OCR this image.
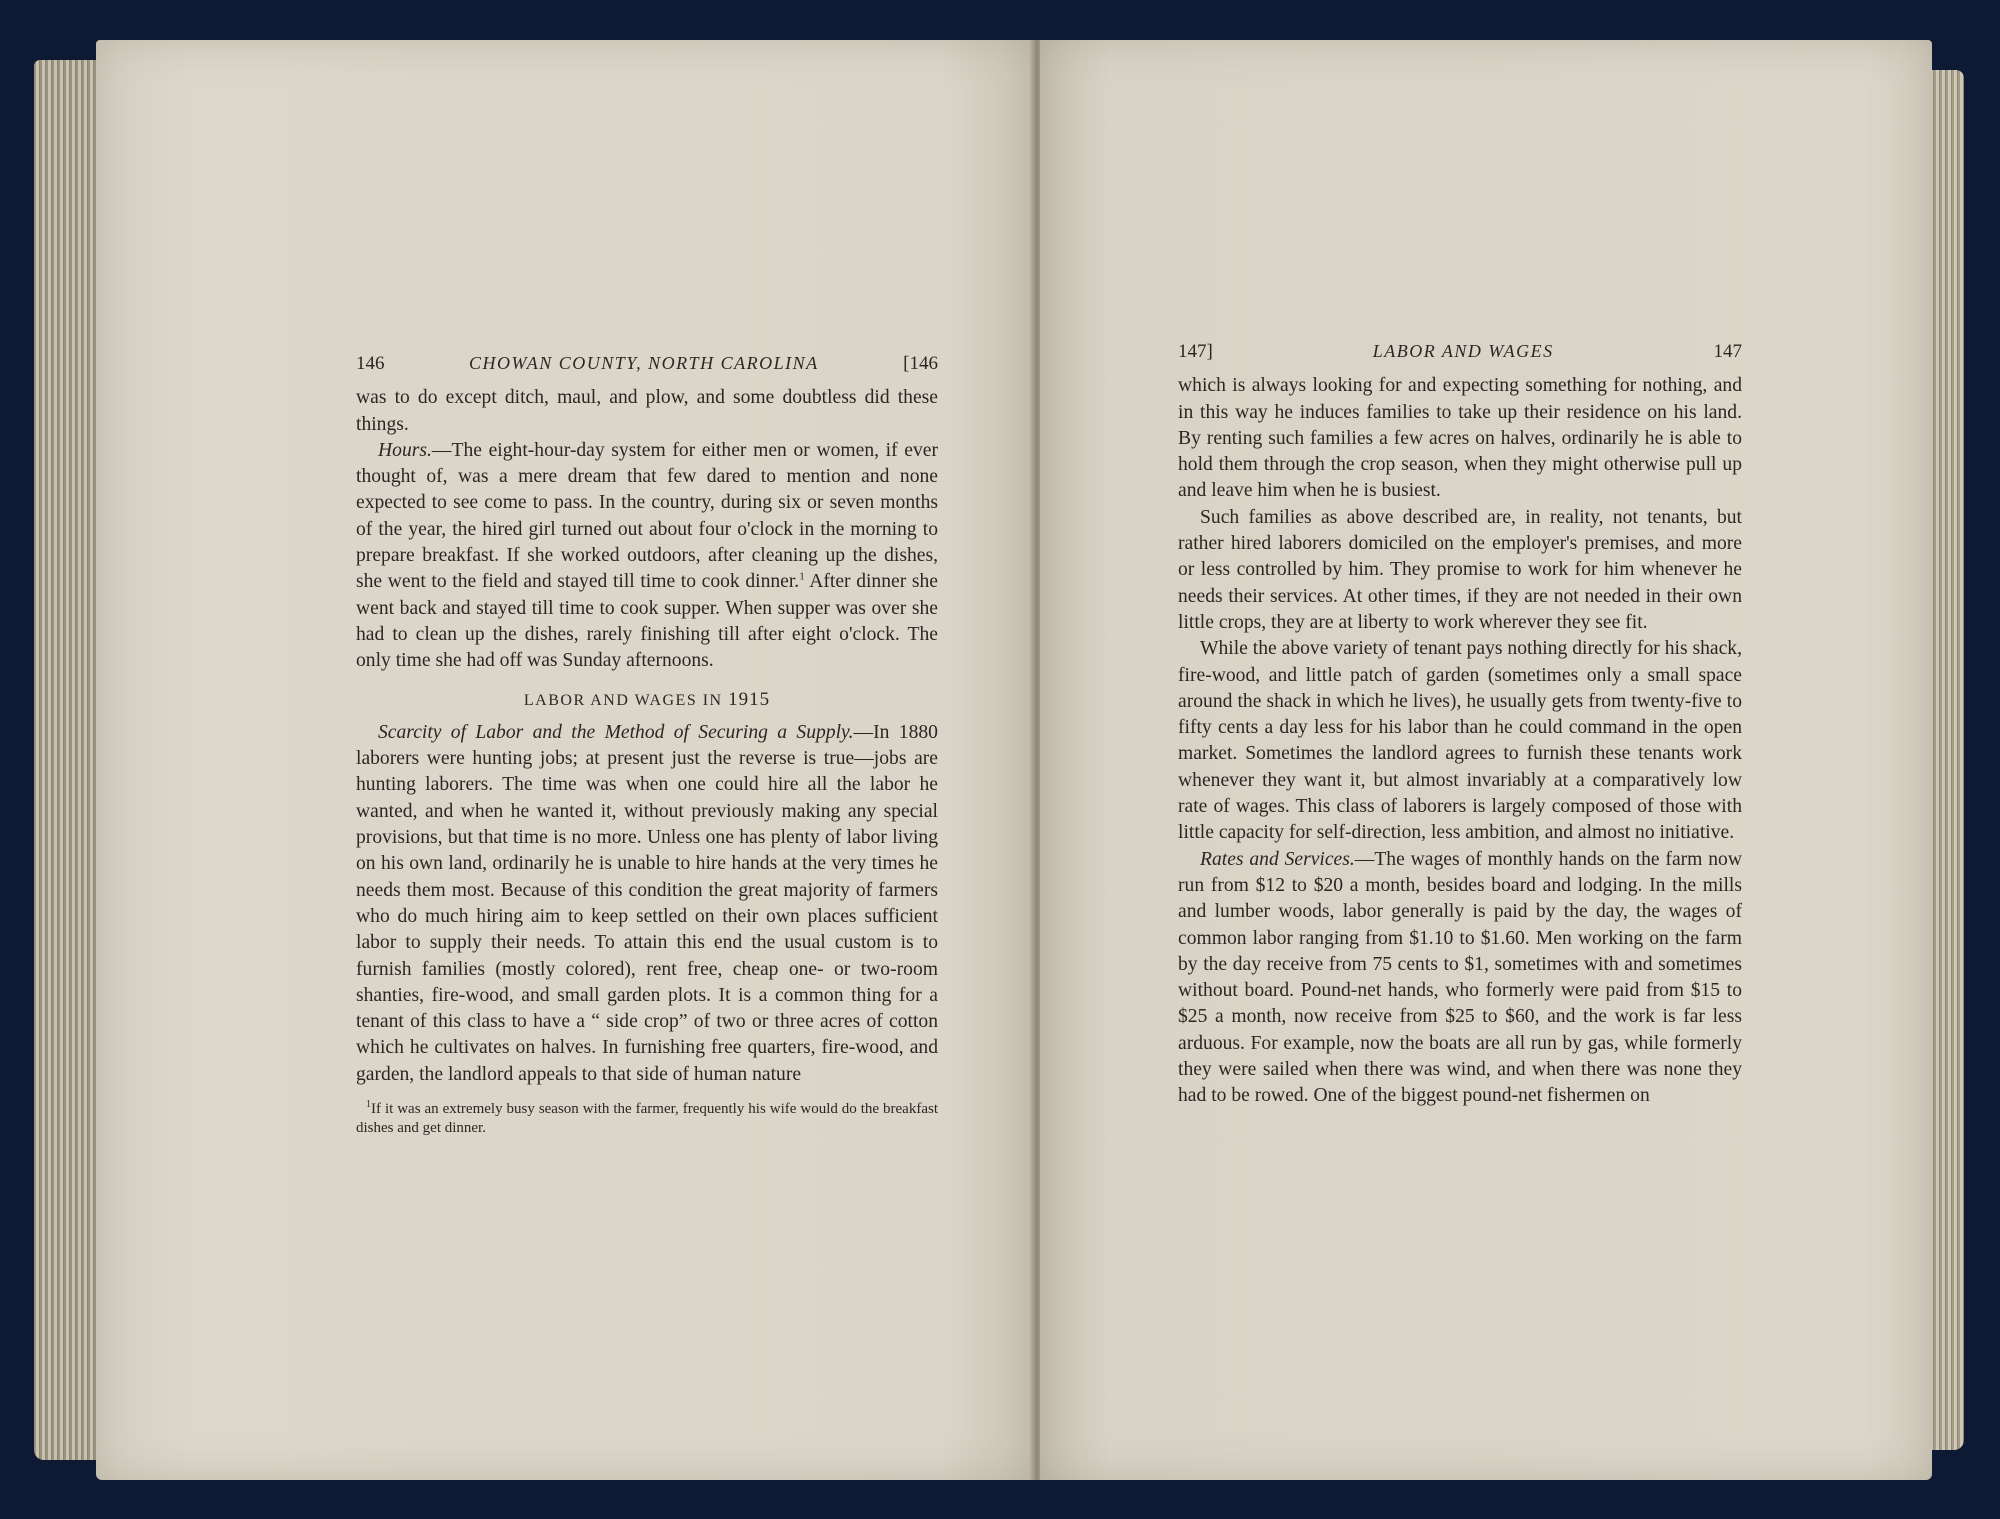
146	CHOWAN COUNTY, NORTH CAROLINA	[146

was to do except ditch, maul, and plow, and some doubtless did these things.

Hours.—The eight-hour-day system for either men or women, if ever thought of, was a mere dream that few dared to mention and none expected to see come to pass. In the country, during six or seven months of the year, the hired girl turned out about four o'clock in the morning to prepare breakfast. If she worked outdoors, after cleaning up the dishes, she went to the field and stayed till time to cook dinner.$^1$ After dinner she went back and stayed till time to cook supper. When supper was over she had to clean up the dishes, rarely finishing till after eight o'clock. The only time she had off was Sunday afternoons.

LABOR AND WAGES IN 1915

Scarcity of Labor and the Method of Securing a Supply.—In 1880 laborers were hunting jobs; at present just the reverse is true—jobs are hunting laborers. The time was when one could hire all the labor he wanted, and when he wanted it, without previously making any special provisions, but that time is no more. Unless one has plenty of labor living on his own land, ordinarily he is unable to hire hands at the very times he needs them most. Because of this condition the great majority of farmers who do much hiring aim to keep settled on their own places sufficient labor to supply their needs. To attain this end the usual custom is to furnish families (mostly colored), rent free, cheap one- or two-room shanties, fire-wood, and small garden plots. It is a common thing for a tenant of this class to have a “ side crop” of two or three acres of cotton which he cultivates on halves. In furnishing free quarters, fire-wood, and garden, the landlord appeals to that side of human nature

$^1$If it was an extremely busy season with the farmer, frequently his wife would do the breakfast dishes and get dinner.

147]	LABOR AND WAGES	147

which is always looking for and expecting something for nothing, and in this way he induces families to take up their residence on his land. By renting such families a few acres on halves, ordinarily he is able to hold them through the crop season, when they might otherwise pull up and leave him when he is busiest.

Such families as above described are, in reality, not tenants, but rather hired laborers domiciled on the employer's premises, and more or less controlled by him. They promise to work for him whenever he needs their services. At other times, if they are not needed in their own little crops, they are at liberty to work wherever they see fit.

While the above variety of tenant pays nothing directly for his shack, fire-wood, and little patch of garden (sometimes only a small space around the shack in which he lives), he usually gets from twenty-five to fifty cents a day less for his labor than he could command in the open market. Sometimes the landlord agrees to furnish these tenants work whenever they want it, but almost invariably at a comparatively low rate of wages. This class of laborers is largely composed of those with little capacity for self-direction, less ambition, and almost no initiative.

Rates and Services.—The wages of monthly hands on the farm now run from $12 to $20 a month, besides board and lodging. In the mills and lumber woods, labor generally is paid by the day, the wages of common labor ranging from $1.10 to $1.60. Men working on the farm by the day receive from 75 cents to $1, sometimes with and sometimes without board. Pound-net hands, who formerly were paid from $15 to $25 a month, now receive from $25 to $60, and the work is far less arduous. For example, now the boats are all run by gas, while formerly they were sailed when there was wind, and when there was none they had to be rowed. One of the biggest pound-net fishermen on
